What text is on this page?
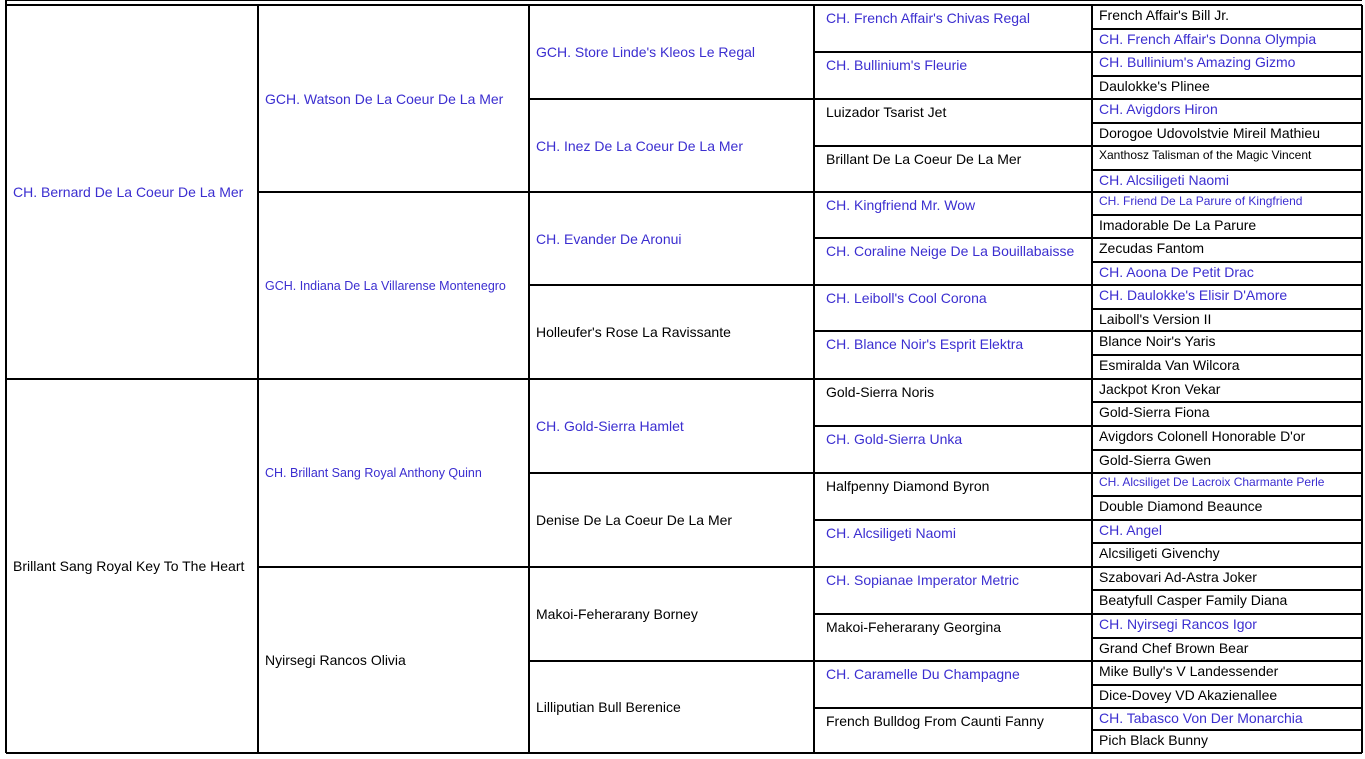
CH. Bernard De La Coeur De La Mer
Brillant Sang Royal Key To The Heart
GCH. Watson De La Coeur De La Mer
GCH. Indiana De La Villarense Montenegro
CH. Brillant Sang Royal Anthony Quinn
Nyirsegi Rancos Olivia
GCH. Store Linde's Kleos Le Regal
CH. Inez De La Coeur De La Mer
CH. Evander De Aronui
Holleufer's Rose La Ravissante
CH. Gold-Sierra Hamlet
Denise De La Coeur De La Mer
Makoi-Feherarany Borney
Lilliputian Bull Berenice
CH. French Affair's Chivas Regal
CH. Bullinium's Fleurie
Luizador Tsarist Jet
Brillant De La Coeur De La Mer
CH. Kingfriend Mr. Wow
CH. Coraline Neige De La Bouillabaisse
CH. Leiboll's Cool Corona
CH. Blance Noir's Esprit Elektra
Gold-Sierra Noris
CH. Gold-Sierra Unka
Halfpenny Diamond Byron
CH. Alcsiligeti Naomi
CH. Sopianae Imperator Metric
Makoi-Feherarany Georgina
CH. Caramelle Du Champagne
French Bulldog From Caunti Fanny
French Affair's Bill Jr.
CH. French Affair's Donna Olympia
CH. Bullinium's Amazing Gizmo
Daulokke's Plinee
CH. Avigdors Hiron
Dorogoe Udovolstvie Mireil Mathieu
Xanthosz Talisman of the Magic Vincent
CH. Alcsiligeti Naomi
CH. Friend De La Parure of Kingfriend
Imadorable De La Parure
Zecudas Fantom
CH. Aoona De Petit Drac
CH. Daulokke's Elisir D'Amore
Laiboll's Version II
Blance Noir's Yaris
Esmiralda Van Wilcora
Jackpot Kron Vekar
Gold-Sierra Fiona
Avigdors Colonell Honorable D'or
Gold-Sierra Gwen
CH. Alcsiliget De Lacroix Charmante Perle
Double Diamond Beaunce
CH. Angel
Alcsiligeti Givenchy
Szabovari Ad-Astra Joker
Beatyfull Casper Family Diana
CH. Nyirsegi Rancos Igor
Grand Chef Brown Bear
Mike Bully's V Landessender
Dice-Dovey VD Akazienallee
CH. Tabasco Von Der Monarchia
Pich Black Bunny
